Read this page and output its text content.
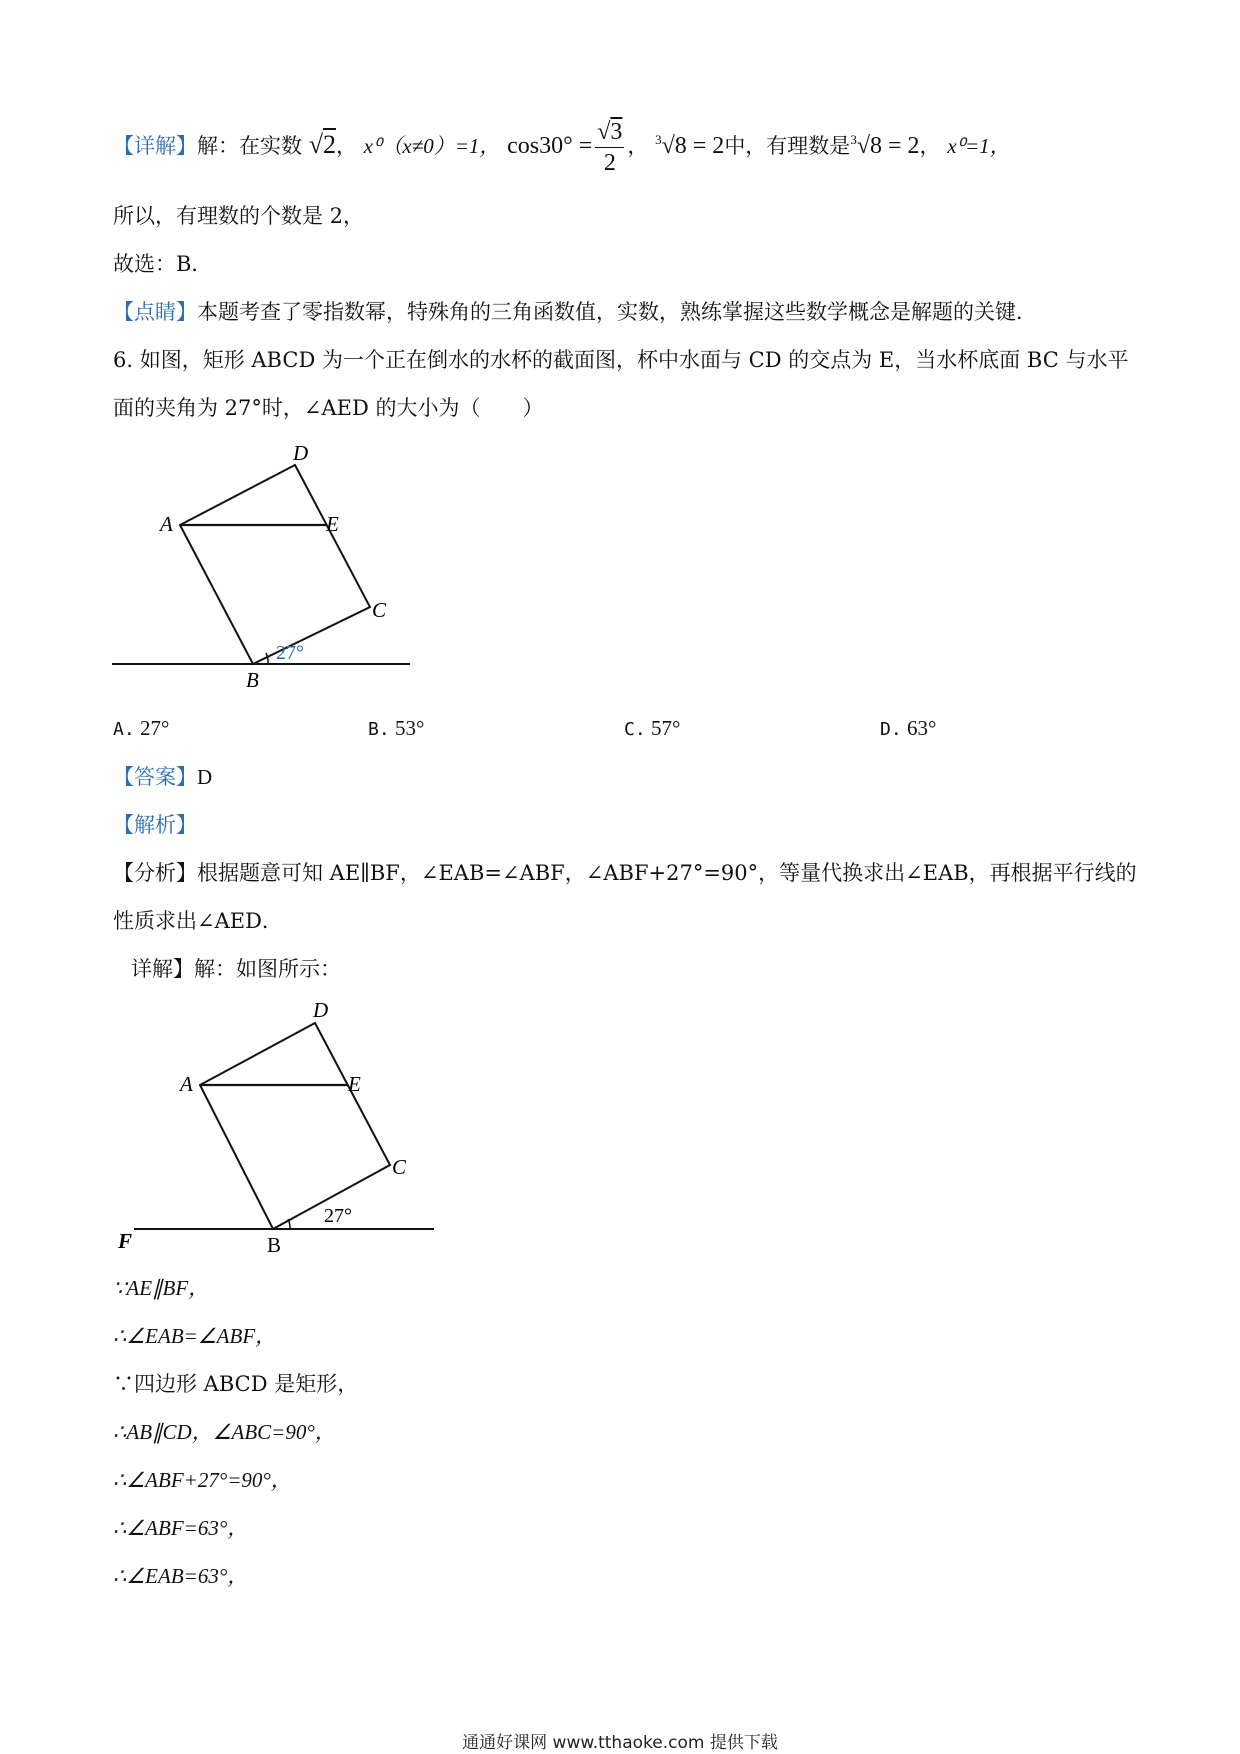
【详解】解：在实数 √2， x⁰（x≠0）=1， $\cos 30^\circ = \frac{√3}{2}$ ， $^3$√8 = 2中，有理数是$^3$√8 = 2， x⁰=1，
所以，有理数的个数是 2，
故选：B．
【点睛】本题考查了零指数幂，特殊角的三角函数值，实数，熟练掌握这些数学概念是解题的关键．
6. 如图，矩形 ABCD 为一个正在倒水的水杯的截面图，杯中水面与 CD 的交点为 E，当水杯底面 BC 与水平
面的夹角为 27°时，∠AED 的大小为（　　）
D
A	E
C
B
27°
A. 27°	B. 53°	C. 57°	D. 63°
【答案】D
【解析】
【分析】根据题意可知 AE∥BF，∠EAB=∠ABF，∠ABF+27°=90°，等量代换求出∠EAB，再根据平行线的
性质求出∠AED．
详解】解：如图所示：
D
A	E
C
B
F
27°
∵AE∥BF，
∴∠EAB=∠ABF，
∵四边形 ABCD 是矩形，
∴AB∥CD，∠ABC=90°，
∴∠ABF+27°=90°，
∴∠ABF=63°，
∴∠EAB=63°，
通通好课网 www.tthaoke.com 提供下载
